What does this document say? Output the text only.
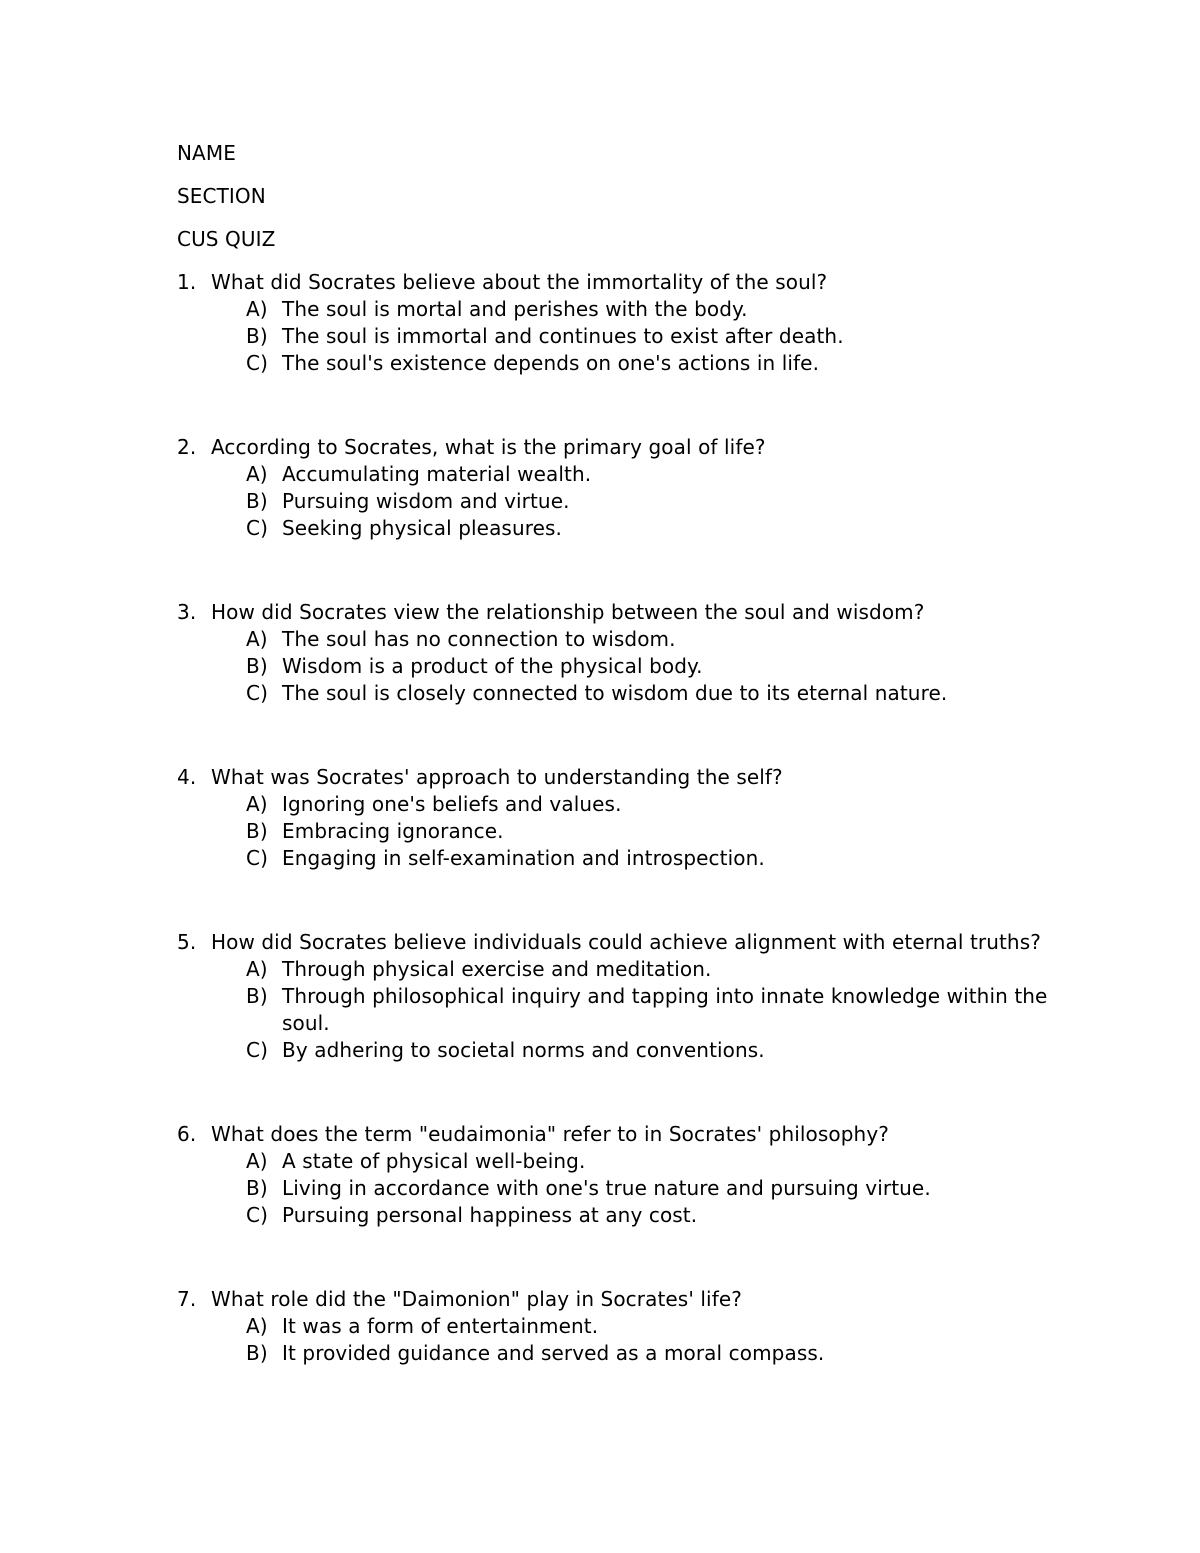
NAME
SECTION
CUS QUIZ
1. What did Socrates believe about the immortality of the soul?
A) The soul is mortal and perishes with the body.
B) The soul is immortal and continues to exist after death.
C) The soul's existence depends on one's actions in life.
2. According to Socrates, what is the primary goal of life?
A) Accumulating material wealth.
B) Pursuing wisdom and virtue.
C) Seeking physical pleasures.
3. How did Socrates view the relationship between the soul and wisdom?
A) The soul has no connection to wisdom.
B) Wisdom is a product of the physical body.
C) The soul is closely connected to wisdom due to its eternal nature.
4. What was Socrates' approach to understanding the self?
A) Ignoring one's beliefs and values.
B) Embracing ignorance.
C) Engaging in self-examination and introspection.
5. How did Socrates believe individuals could achieve alignment with eternal truths?
A) Through physical exercise and meditation.
B) Through philosophical inquiry and tapping into innate knowledge within the soul.
C) By adhering to societal norms and conventions.
6. What does the term "eudaimonia" refer to in Socrates' philosophy?
A) A state of physical well-being.
B) Living in accordance with one's true nature and pursuing virtue.
C) Pursuing personal happiness at any cost.
7. What role did the "Daimonion" play in Socrates' life?
A) It was a form of entertainment.
B) It provided guidance and served as a moral compass.
